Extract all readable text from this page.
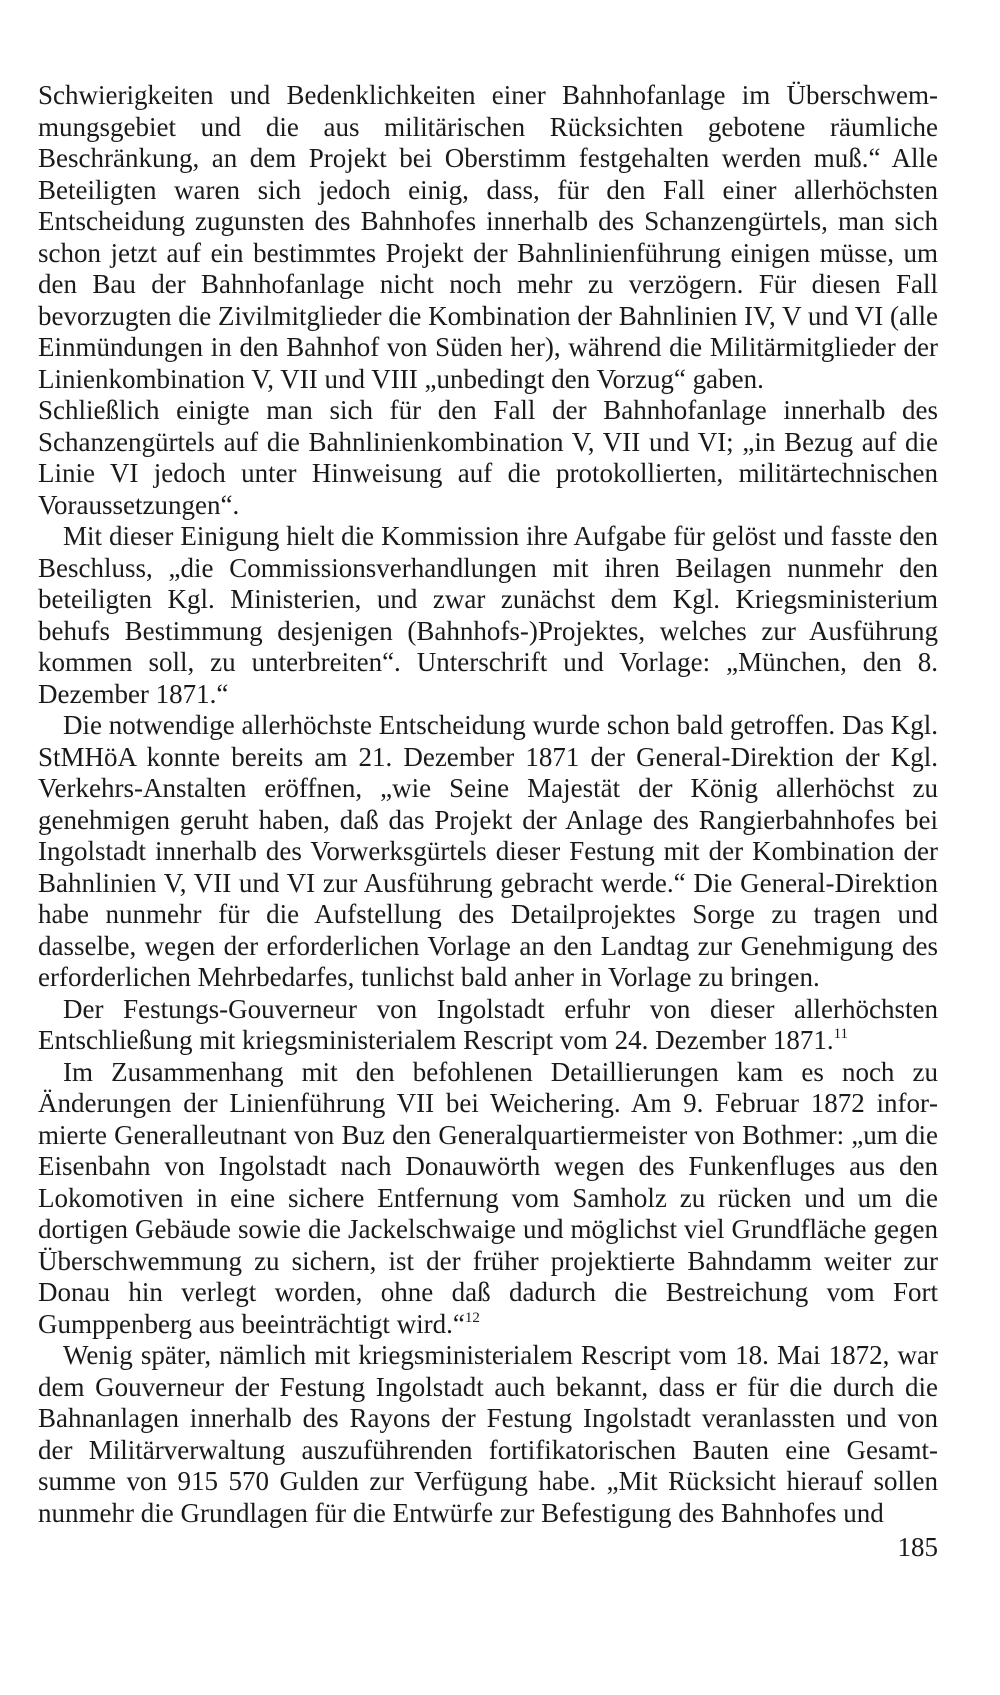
Schwierigkeiten und Bedenklichkeiten einer Bahnhofanlage im Überschwemmungsgebiet und die aus militärischen Rücksichten gebotene räumliche Beschränkung, an dem Projekt bei Oberstimm festgehalten werden muß.“ Alle Beteiligten waren sich jedoch einig, dass, für den Fall einer allerhöchsten Entscheidung zugunsten des Bahnhofes innerhalb des Schanzengürtels, man sich schon jetzt auf ein bestimmtes Projekt der Bahnlinienführung einigen müsse, um den Bau der Bahnhofanlage nicht noch mehr zu verzögern. Für diesen Fall bevorzugten die Zivilmitglieder die Kombination der Bahnlinien IV, V und VI (alle Einmündungen in den Bahnhof von Süden her), während die Militärmitglieder der Linienkombination V, VII und VIII „unbedingt den Vorzug“ gaben.

Schließlich einigte man sich für den Fall der Bahnhofanlage innerhalb des Schanzengürtels auf die Bahnlinienkombination V, VII und VI; „in Bezug auf die Linie VI jedoch unter Hinweisung auf die protokollierten, militärtechnischen Voraussetzungen“.

Mit dieser Einigung hielt die Kommission ihre Aufgabe für gelöst und fasste den Beschluss, „die Commissionsverhandlungen mit ihren Beilagen nunmehr den beteiligten Kgl. Ministerien, und zwar zunächst dem Kgl. Kriegsministerium behufs Bestimmung desjenigen (Bahnhofs-)Projektes, welches zur Ausführung kommen soll, zu unterbreiten“. Unterschrift und Vorlage: „München, den 8. Dezember 1871.“

Die notwendige allerhöchste Entscheidung wurde schon bald getroffen. Das Kgl. StMHöA konnte bereits am 21. Dezember 1871 der General-Direktion der Kgl. Verkehrs-Anstalten eröffnen, „wie Seine Majestät der König allerhöchst zu genehmigen geruht haben, daß das Projekt der Anlage des Rangierbahnhofes bei Ingolstadt innerhalb des Vorwerksgürtels dieser Festung mit der Kombination der Bahnlinien V, VII und VI zur Ausführung gebracht werde.“ Die General-Direktion habe nunmehr für die Aufstellung des Detailprojektes Sorge zu tragen und dasselbe, wegen der erforderlichen Vorlage an den Landtag zur Genehmigung des erforderlichen Mehrbedarfes, tunlichst bald anher in Vorlage zu bringen.

Der Festungs-Gouverneur von Ingolstadt erfuhr von dieser allerhöchsten Entschließung mit kriegsministerialem Rescript vom 24. Dezember 1871.11

Im Zusammenhang mit den befohlenen Detaillierungen kam es noch zu Änderungen der Linienführung VII bei Weichering. Am 9. Februar 1872 informierte Generalleutnant von Buz den Generalquartiermeister von Bothmer: „um die Eisenbahn von Ingolstadt nach Donauwörth wegen des Funkenfluges aus den Lokomotiven in eine sichere Entfernung vom Samholz zu rücken und um die dortigen Gebäude sowie die Jackelschwaige und möglichst viel Grundfläche gegen Überschwemmung zu sichern, ist der früher projektierte Bahndamm weiter zur Donau hin verlegt worden, ohne daß dadurch die Bestreichung vom Fort Gumppenberg aus beeinträchtigt wird.“$^{12}$

Wenig später, nämlich mit kriegsministerialem Rescript vom 18. Mai 1872, war dem Gouverneur der Festung Ingolstadt auch bekannt, dass er für die durch die Bahnanlagen innerhalb des Rayons der Festung Ingolstadt veranlassten und von der Militärverwaltung auszuführenden fortifikatorischen Bauten eine Gesamtsumme von 915 570 Gulden zur Verfügung habe. „Mit Rücksicht hierauf sollen nunmehr die Grundlagen für die Entwürfe zur Befestigung des Bahnhofes und

185
